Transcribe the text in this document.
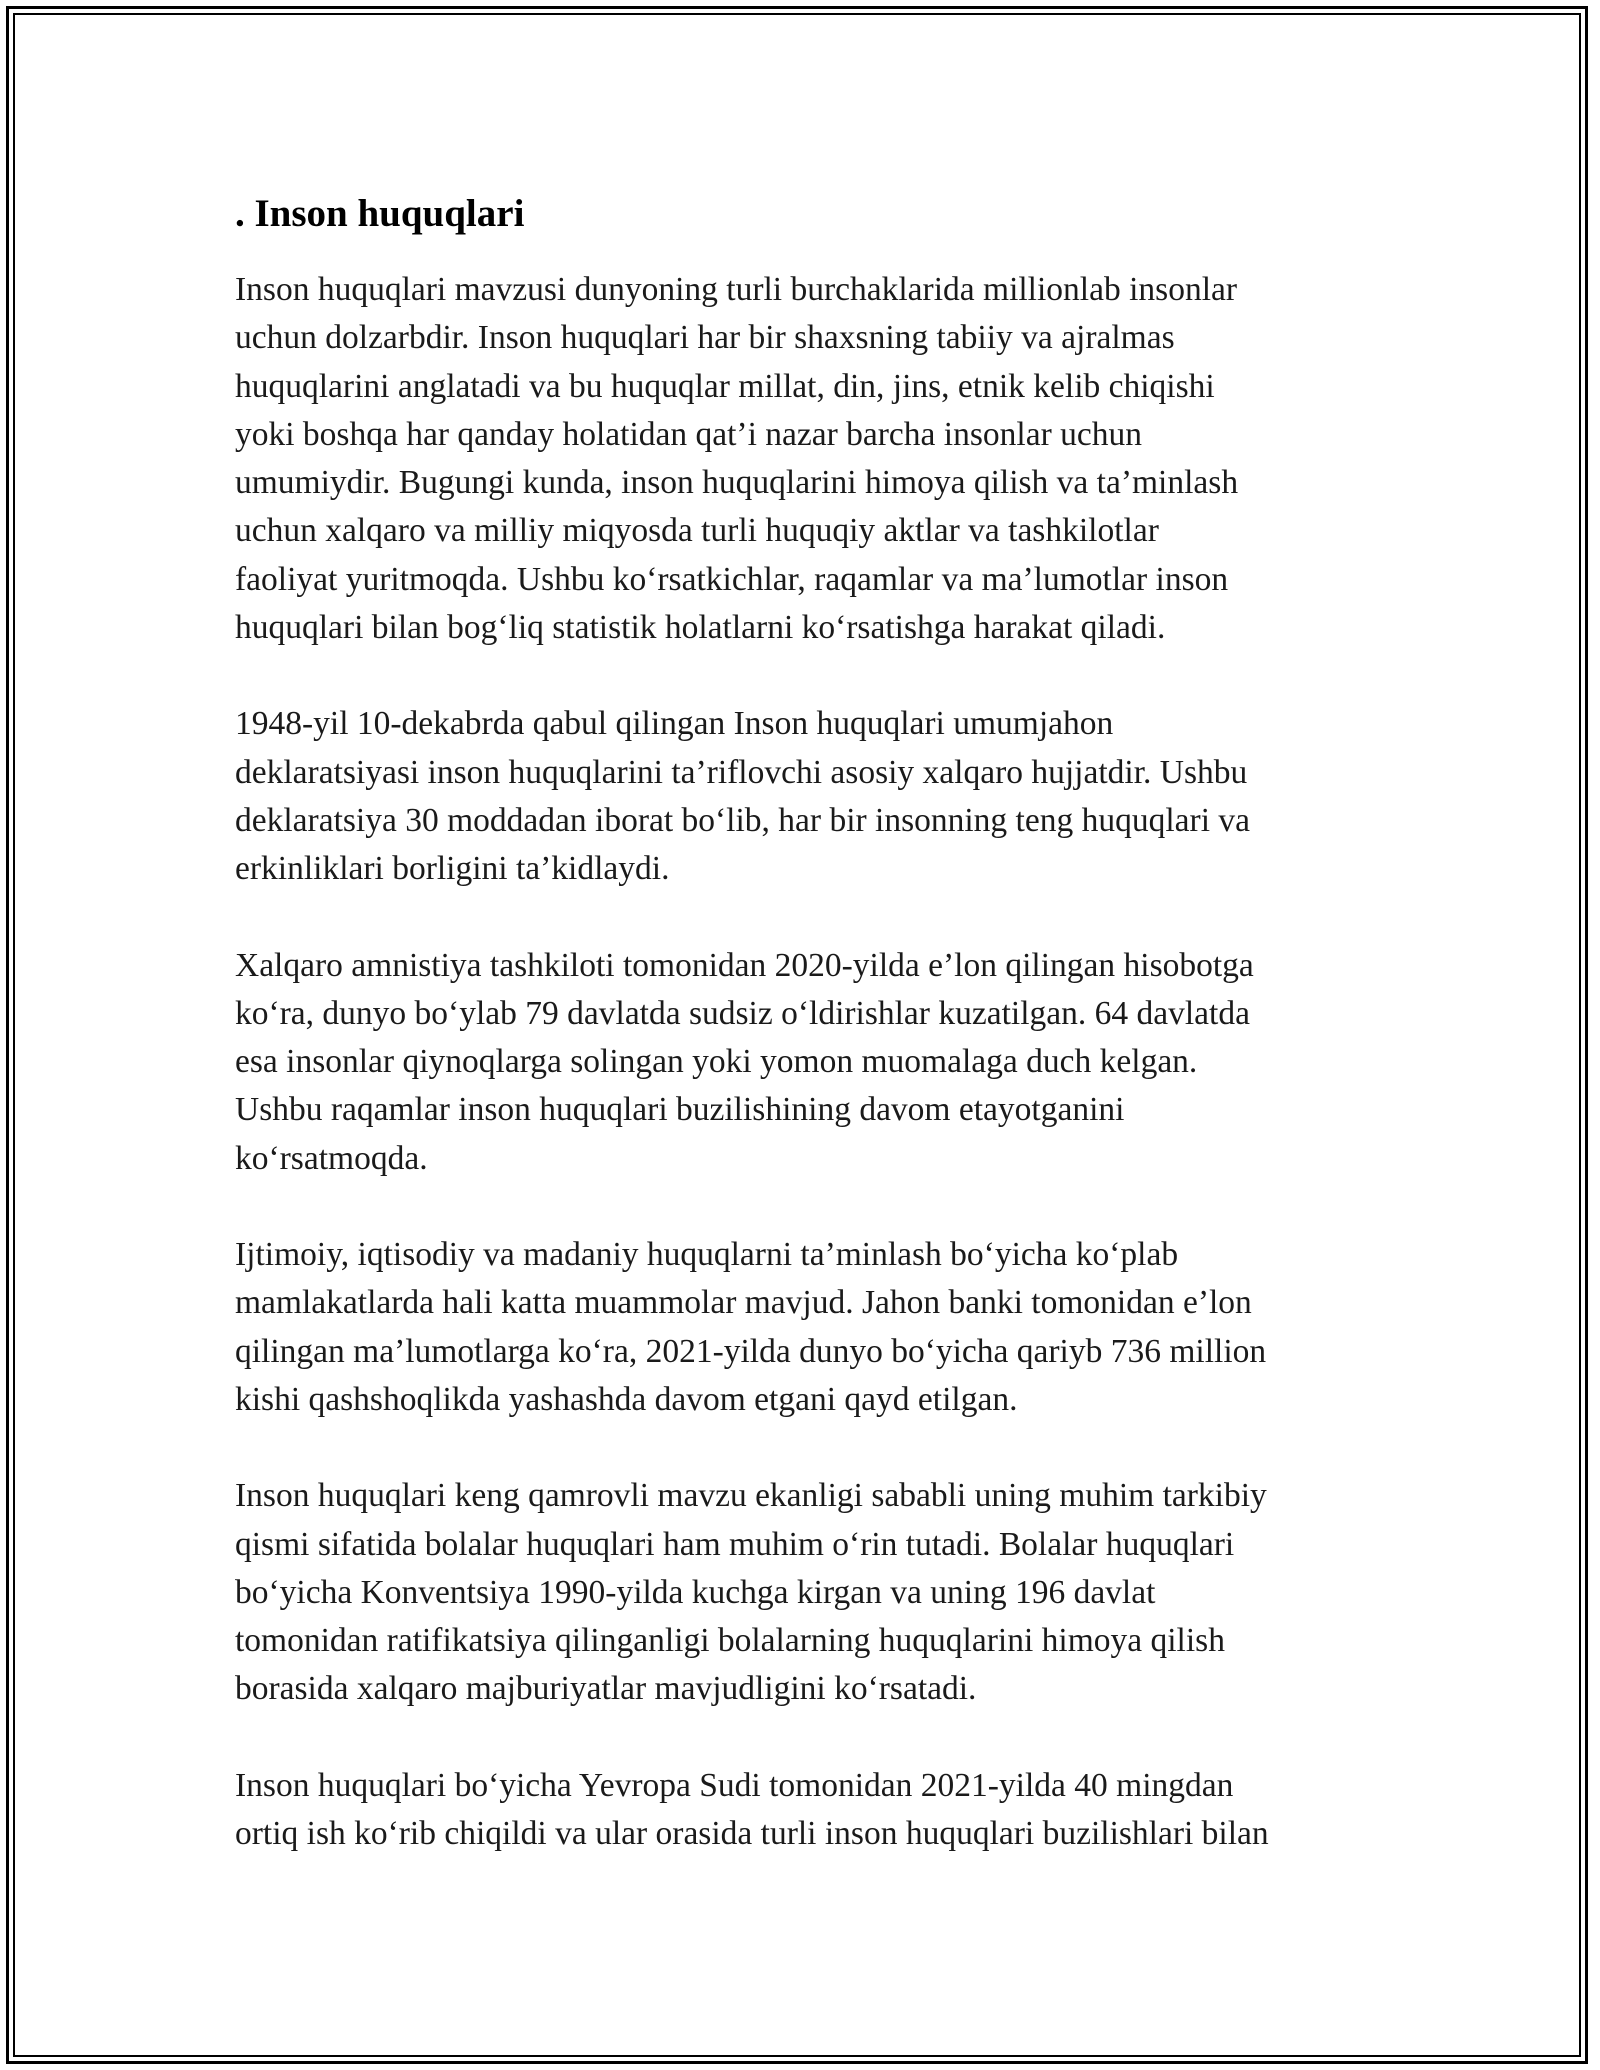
. Inson huquqlari

Inson huquqlari mavzusi dunyoning turli burchaklarida millionlab insonlar
uchun dolzarbdir. Inson huquqlari har bir shaxsning tabiiy va ajralmas
huquqlarini anglatadi va bu huquqlar millat, din, jins, etnik kelib chiqishi
yoki boshqa har qanday holatidan qat’i nazar barcha insonlar uchun
umumiydir. Bugungi kunda, inson huquqlarini himoya qilish va ta’minlash
uchun xalqaro va milliy miqyosda turli huquqiy aktlar va tashkilotlar
faoliyat yuritmoqda. Ushbu ko‘rsatkichlar, raqamlar va ma’lumotlar inson
huquqlari bilan bog‘liq statistik holatlarni ko‘rsatishga harakat qiladi.

1948-yil 10-dekabrda qabul qilingan Inson huquqlari umumjahon
deklaratsiyasi inson huquqlarini ta’riflovchi asosiy xalqaro hujjatdir. Ushbu
deklaratsiya 30 moddadan iborat bo‘lib, har bir insonning teng huquqlari va
erkinliklari borligini ta’kidlaydi.

Xalqaro amnistiya tashkiloti tomonidan 2020-yilda e’lon qilingan hisobotga
ko‘ra, dunyo bo‘ylab 79 davlatda sudsiz o‘ldirishlar kuzatilgan. 64 davlatda
esa insonlar qiynoqlarga solingan yoki yomon muomalaga duch kelgan.
Ushbu raqamlar inson huquqlari buzilishining davom etayotganini
ko‘rsatmoqda.

Ijtimoiy, iqtisodiy va madaniy huquqlarni ta’minlash bo‘yicha ko‘plab
mamlakatlarda hali katta muammolar mavjud. Jahon banki tomonidan e’lon
qilingan ma’lumotlarga ko‘ra, 2021-yilda dunyo bo‘yicha qariyb 736 million
kishi qashshoqlikda yashashda davom etgani qayd etilgan.

Inson huquqlari keng qamrovli mavzu ekanligi sababli uning muhim tarkibiy
qismi sifatida bolalar huquqlari ham muhim o‘rin tutadi. Bolalar huquqlari
bo‘yicha Konventsiya 1990-yilda kuchga kirgan va uning 196 davlat
tomonidan ratifikatsiya qilinganligi bolalarning huquqlarini himoya qilish
borasida xalqaro majburiyatlar mavjudligini ko‘rsatadi.

Inson huquqlari bo‘yicha Yevropa Sudi tomonidan 2021-yilda 40 mingdan
ortiq ish ko‘rib chiqildi va ular orasida turli inson huquqlari buzilishlari bilan
